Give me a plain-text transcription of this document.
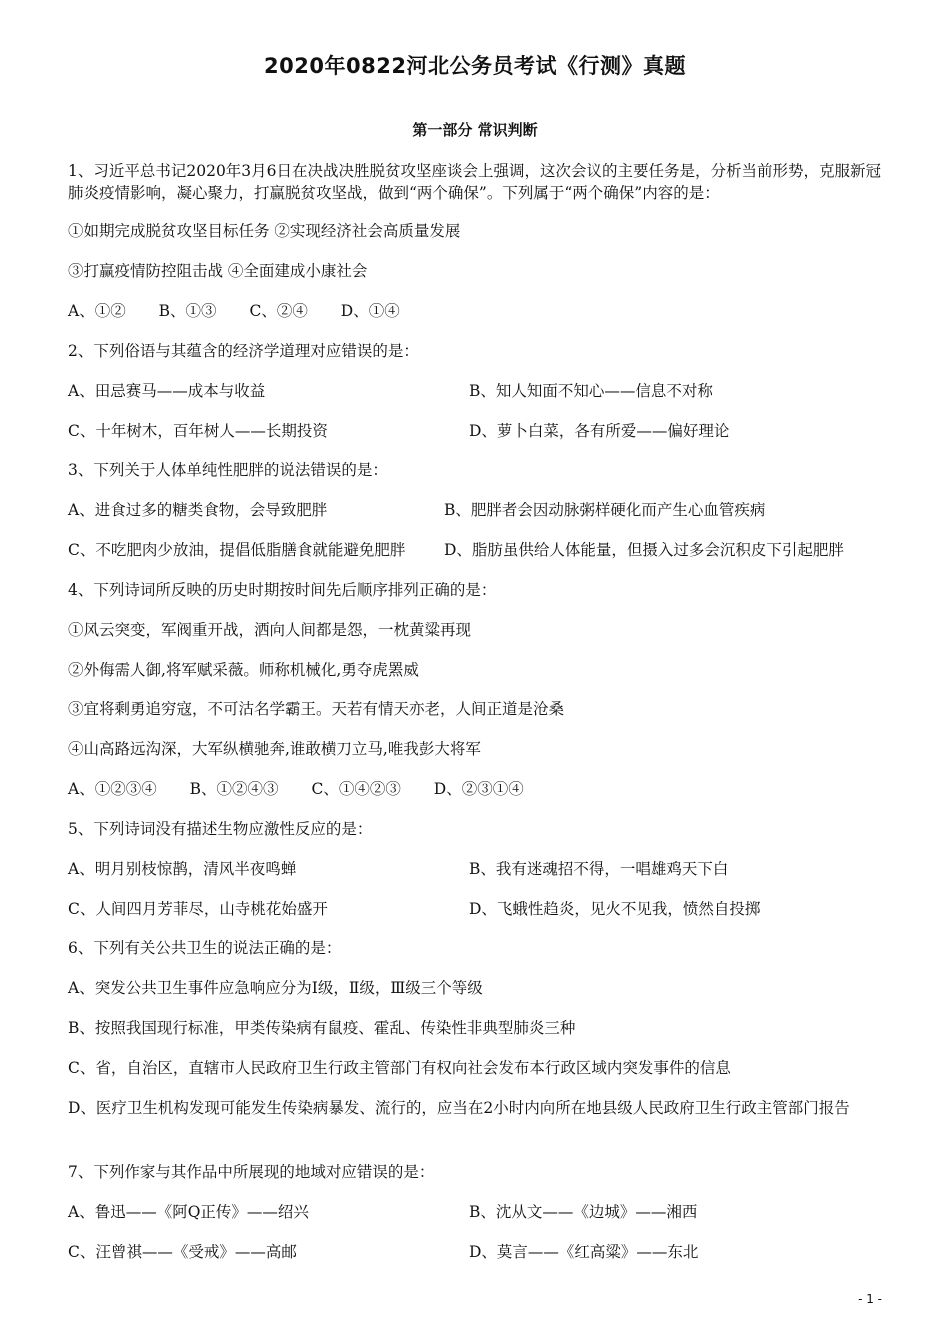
2020年0822河北公务员考试《行测》真题
第一部分 常识判断
1、习近平总书记2020年3月6日在决战决胜脱贫攻坚座谈会上强调，这次会议的主要任务是，分析当前形势，克服新冠肺炎疫情影响，凝心聚力，打赢脱贫攻坚战，做到“两个确保”。下列属于“两个确保”内容的是：
①如期完成脱贫攻坚目标任务 ②实现经济社会高质量发展
③打赢疫情防控阻击战 ④全面建成小康社会
A、①② B、①③ C、②④ D、①④
2、下列俗语与其蕴含的经济学道理对应错误的是：
A、田忌赛马——成本与收益	B、知人知面不知心——信息不对称
C、十年树木，百年树人——长期投资	D、萝卜白菜，各有所爱——偏好理论
3、下列关于人体单纯性肥胖的说法错误的是：
A、进食过多的糖类食物，会导致肥胖	B、肥胖者会因动脉粥样硬化而产生心血管疾病
C、不吃肥肉少放油，提倡低脂膳食就能避免肥胖 D、脂肪虽供给人体能量，但摄入过多会沉积皮下引起肥胖
4、下列诗词所反映的历史时期按时间先后顺序排列正确的是：
①风云突变，军阀重开战，洒向人间都是怨，一枕黄粱再现
②外侮需人御,将军赋采薇。师称机械化,勇夺虎罴威
③宜将剩勇追穷寇，不可沽名学霸王。天若有情天亦老，人间正道是沧桑
④山高路远沟深，大军纵横驰奔,谁敢横刀立马,唯我彭大将军
A、①②③④ B、①②④③ C、①④②③ D、②③①④
5、下列诗词没有描述生物应激性反应的是：
A、明月别枝惊鹊，清风半夜鸣蝉	B、我有迷魂招不得，一唱雄鸡天下白
C、人间四月芳菲尽，山寺桃花始盛开	D、飞蛾性趋炎，见火不见我，愤然自投掷
6、下列有关公共卫生的说法正确的是：
A、突发公共卫生事件应急响应分为Ⅰ级，Ⅱ级，Ⅲ级三个等级
B、按照我国现行标准，甲类传染病有鼠疫、霍乱、传染性非典型肺炎三种
C、省，自治区，直辖市人民政府卫生行政主管部门有权向社会发布本行政区域内突发事件的信息
D、医疗卫生机构发现可能发生传染病暴发、流行的，应当在2小时内向所在地县级人民政府卫生行政主管部门报告
7、下列作家与其作品中所展现的地域对应错误的是：
A、鲁迅——《阿Q正传》——绍兴	B、沈从文——《边城》——湘西
C、汪曾祺——《受戒》——高邮	D、莫言——《红高粱》——东北
- 1 -
